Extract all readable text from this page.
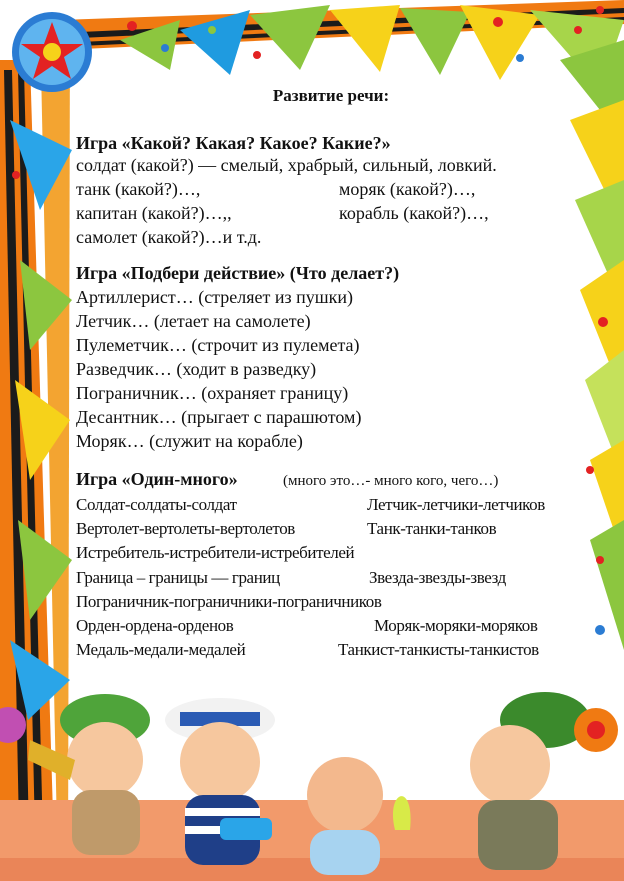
Развитие речи:
Игра «Какой? Какая? Какое? Какие?»
солдат (какой?) — смелый, храбрый, сильный, ловкий.
танк (какой?)…,	моряк (какой?)…,
капитан (какой?)…,,	корабль (какой?)…,
самолет (какой?)…и т.д.
Игра «Подбери действие» (Что делает?)
Артиллерист… (стреляет из пушки)
Летчик… (летает на самолете)
Пулеметчик… (строчит из пулемета)
Разведчик… (ходит в разведку)
Пограничник… (охраняет границу)
Десантник… (прыгает с парашютом)
Моряк… (служит на корабле)
Игра «Один-много»	(много это…- много кого, чего…)
Солдат-солдаты-солдат	Летчик-летчики-летчиков
Вертолет-вертолеты-вертолетов	Танк-танки-танков
Истребитель-истребители-истребителей
Граница – границы — границ	Звезда-звезды-звезд
Пограничник-пограничники-пограничников
Орден-ордена-орденов	Моряк-моряки-моряков
Медаль-медали-медалей	Танкист-танкисты-танкистов
